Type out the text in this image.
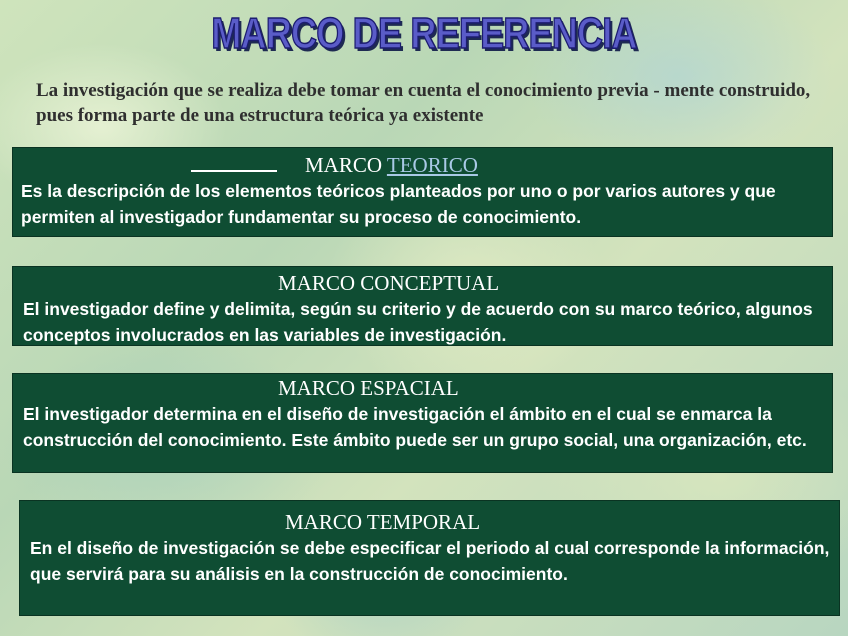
MARCO DE REFERENCIA
La investigación que se realiza debe tomar en cuenta el conocimiento previa - mente construido, pues forma parte de una estructura teórica ya existente
MARCO TEORICO
Es la descripción de los elementos teóricos planteados por uno o por varios autores y que permiten al investigador fundamentar su proceso de conocimiento.
MARCO CONCEPTUAL
El investigador define y delimita, según su criterio y de acuerdo con su marco teórico, algunos conceptos involucrados en las variables de investigación.
MARCO ESPACIAL
El investigador determina en el diseño de investigación el ámbito en el cual se enmarca la construcción del conocimiento. Este ámbito puede ser un grupo social, una organización, etc.
MARCO TEMPORAL
En el diseño de investigación se debe especificar el periodo al cual corresponde la información, que servirá para su análisis en la construcción de conocimiento.
